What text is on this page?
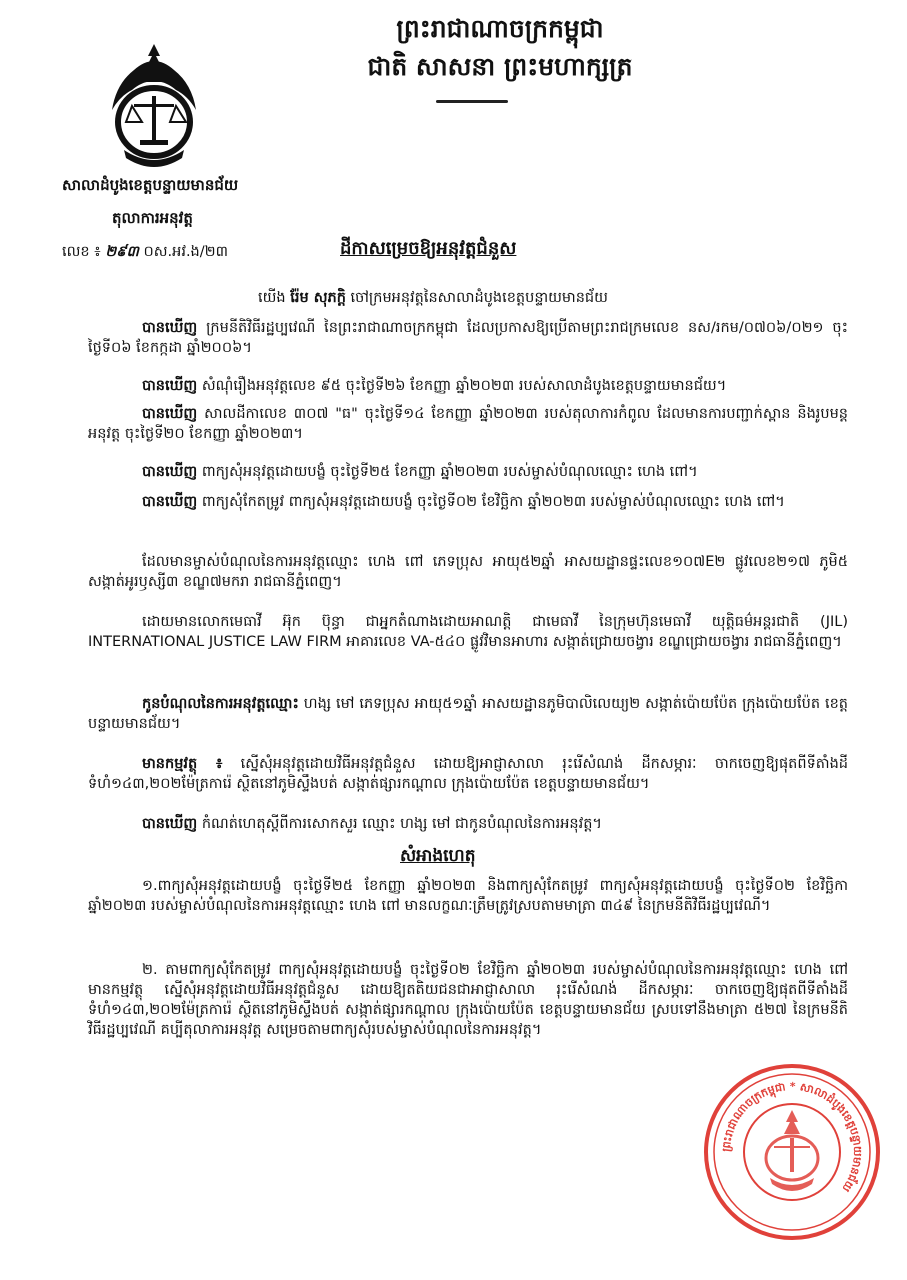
ព្រះរាជាណាចក្រកម្ពុជា
ជាតិ សាសនា ព្រះមហាក្សត្រ
សាលាដំបូងខេត្តបន្ទាយមានជ័យ
តុលាការអនុវត្ត
លេខ ៖ ២៩៣ ០ស.អវ.ង/២៣	ដីកាសម្រេចឱ្យអនុវត្តជំនួស
យើង រ៉ែម សុភក្តិ ចៅក្រមអនុវត្តនៃសាលាដំបូងខេត្តបន្ទាយមានជ័យ
បានឃើញ ក្រមនីតិវិធីរដ្ឋប្បវេណី នៃព្រះរាជាណាចក្រកម្ពុជា ដែលប្រកាសឱ្យប្រើតាមព្រះរាជក្រមលេខ នស/រកម/០៧០៦/០២១ ចុះថ្ងៃទី០៦ ខែកក្កដា ឆ្នាំ២០០៦។
បានឃើញ សំណុំរឿងអនុវត្តលេខ ៩៥ ចុះថ្ងៃទី២៦ ខែកញ្ញា ឆ្នាំ២០២៣ របស់សាលាដំបូងខេត្តបន្ទាយមានជ័យ។
បានឃើញ សាលដីកាលេខ ៣០៧ "ធ" ចុះថ្ងៃទី១៤ ខែកញ្ញា ឆ្នាំ២០២៣ របស់តុលាការកំពូល ដែលមានការបញ្ជាក់ស្ពាន និងរូបមន្តអនុវត្ត ចុះថ្ងៃទី២០ ខែកញ្ញា ឆ្នាំ២០២៣។
បានឃើញ ពាក្យសុំអនុវត្តដោយបង្ខំ ចុះថ្ងៃទី២៥ ខែកញ្ញា ឆ្នាំ២០២៣ របស់ម្ចាស់បំណុលឈ្មោះ ហេង ពៅ។
បានឃើញ ពាក្យសុំកែតម្រូវ ពាក្យសុំអនុវត្តដោយបង្ខំ ចុះថ្ងៃទី០២ ខែវិច្ឆិកា ឆ្នាំ២០២៣ របស់ម្ចាស់បំណុលឈ្មោះ ហេង ពៅ។
ដែលមានម្ចាស់បំណុលនៃការអនុវត្តឈ្មោះ ហេង ពៅ ភេទប្រុស អាយុ៥២ឆ្នាំ អាសយដ្ឋានផ្ទះលេខ១០៧E២ ផ្លូវលេខ២១៧ ភូមិ៥ សង្កាត់អូរឫស្សី៣ ខណ្ឌ៧មករា រាជធានីភ្នំពេញ។
ដោយមានលោកមេធាវី អ៊ុក ប៊ុន្ធា ជាអ្នកតំណាងដោយអាណត្តិ ជាមេធាវី នៃក្រុមហ៊ុនមេធាវី យុត្តិធម៌អន្តរជាតិ (JIL) INTERNATIONAL JUSTICE LAW FIRM អាគារលេខ VA-៥៤០ ផ្លូវវិមានអាហារ សង្កាត់ជ្រោយចង្វារ ខណ្ឌជ្រោយចង្វារ រាជធានីភ្នំពេញ។
កូនបំណុលនៃការអនុវត្តឈ្មោះ ហង្ស មៅ ភេទប្រុស អាយុ៥១ឆ្នាំ អាសយដ្ឋានភូមិបាលិលេយ្យ២ សង្កាត់ប៉ោយប៉ែត ក្រុងប៉ោយប៉ែត ខេត្តបន្ទាយមានជ័យ។
មានកម្មវត្ថុ ៖ ស្នើសុំអនុវត្តដោយវិធីអនុវត្តជំនួស ដោយឱ្យអាជ្ញាសាលា រុះរើសំណង់ ដីកសម្ភារៈ ចាកចេញឱ្យផុតពីទីតាំងដីទំហំ១៤៣,២០២ម៉ែត្រការ៉េ ស្ថិតនៅភូមិស្ទឹងបត់ សង្កាត់ផ្សារកណ្ដាល ក្រុងប៉ោយប៉ែត ខេត្តបន្ទាយមានជ័យ។
បានឃើញ កំណត់ហេតុស្តីពីការសោកសួរ ឈ្មោះ ហង្ស មៅ ជាកូនបំណុលនៃការអនុវត្ត។
សំអាងហេតុ
១.ពាក្យសុំអនុវត្តដោយបង្ខំ ចុះថ្ងៃទី២៥ ខែកញ្ញា ឆ្នាំ២០២៣ និងពាក្យសុំកែតម្រូវ ពាក្យសុំអនុវត្តដោយបង្ខំ ចុះថ្ងៃទី០២ ខែវិច្ឆិកា ឆ្នាំ២០២៣ របស់ម្ចាស់បំណុលនៃការអនុវត្តឈ្មោះ ហេង ពៅ មានលក្ខណៈត្រឹមត្រូវស្របតាមមាត្រា ៣៤៩ នៃក្រមនីតិវិធីរដ្ឋប្បវេណី។
២. តាមពាក្យសុំកែតម្រូវ ពាក្យសុំអនុវត្តដោយបង្ខំ ចុះថ្ងៃទី០២ ខែវិច្ឆិកា ឆ្នាំ២០២៣ របស់ម្ចាស់បំណុលនៃការអនុវត្តឈ្មោះ ហេង ពៅ មានកម្មវត្ថុ ស្នើសុំអនុវត្តដោយវិធីអនុវត្តជំនួស ដោយឱ្យតតិយជនជាអាជ្ញាសាលា រុះរើសំណង់ ដីកសម្ភារៈ ចាកចេញឱ្យផុតពីទីតាំងដីទំហំ១៤៣,២០២ម៉ែត្រការ៉េ ស្ថិតនៅភូមិស្ទឹងបត់ សង្កាត់ផ្សារកណ្ដាល ក្រុងប៉ោយប៉ែត ខេត្តបន្ទាយមានជ័យ ស្របទៅនឹងមាត្រា ៥២៧ នៃក្រមនីតិវិធីរដ្ឋប្បវេណី គប្បីតុលាការអនុវត្ត សម្រេចតាមពាក្យសុំរបស់ម្ចាស់បំណុលនៃការអនុវត្ត។
ព្រះរាជាណាចក្រកម្ពុជា * សាលាដំបូងខេត្តបន្ទាយមានជ័យ
